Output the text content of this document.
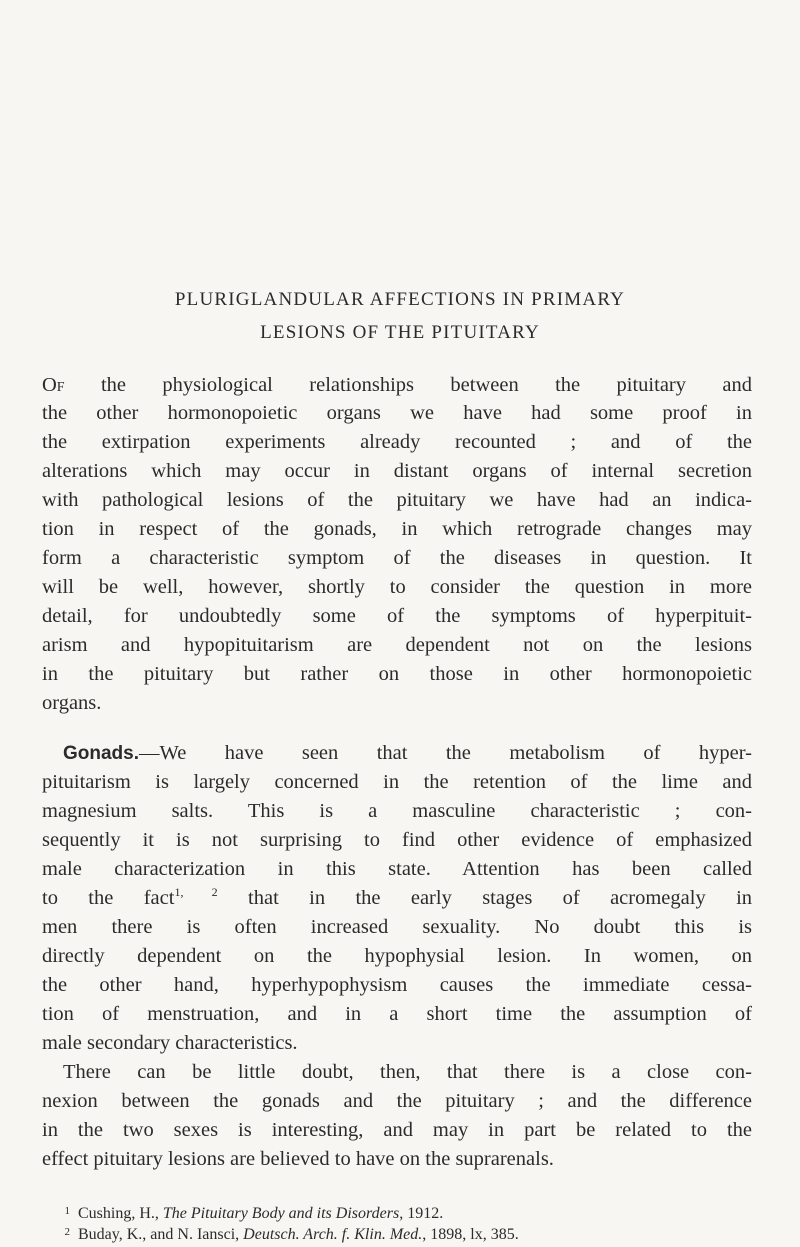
PLURIGLANDULAR AFFECTIONS IN PRIMARY
LESIONS OF THE PITUITARY
Of the physiological relationships between the pituitary and
the other hormonopoietic organs we have had some proof in
the extirpation experiments already recounted ; and of the
alterations which may occur in distant organs of internal secretion
with pathological lesions of the pituitary we have had an indica-
tion in respect of the gonads, in which retrograde changes may
form a characteristic symptom of the diseases in question. It
will be well, however, shortly to consider the question in more
detail, for undoubtedly some of the symptoms of hyperpituit-
arism and hypopituitarism are dependent not on the lesions
in the pituitary but rather on those in other hormonopoietic
organs.
Gonads.—We have seen that the metabolism of hyper-
pituitarism is largely concerned in the retention of the lime and
magnesium salts. This is a masculine characteristic ; con-
sequently it is not surprising to find other evidence of emphasized
male characterization in this state. Attention has been called
to the fact$^{1, 2}$ that in the early stages of acromegaly in
men there is often increased sexuality. No doubt this is
directly dependent on the hypophysial lesion. In women, on
the other hand, hyperhypophysism causes the immediate cessa-
tion of menstruation, and in a short time the assumption of
male secondary characteristics.
There can be little doubt, then, that there is a close con-
nexion between the gonads and the pituitary ; and the difference
in the two sexes is interesting, and may in part be related to the
effect pituitary lesions are believed to have on the suprarenals.
1 Cushing, H., The Pituitary Body and its Disorders, 1912.
2 Buday, K., and N. Iansci, Deutsch. Arch. f. Klin. Med., 1898, lx, 385.
